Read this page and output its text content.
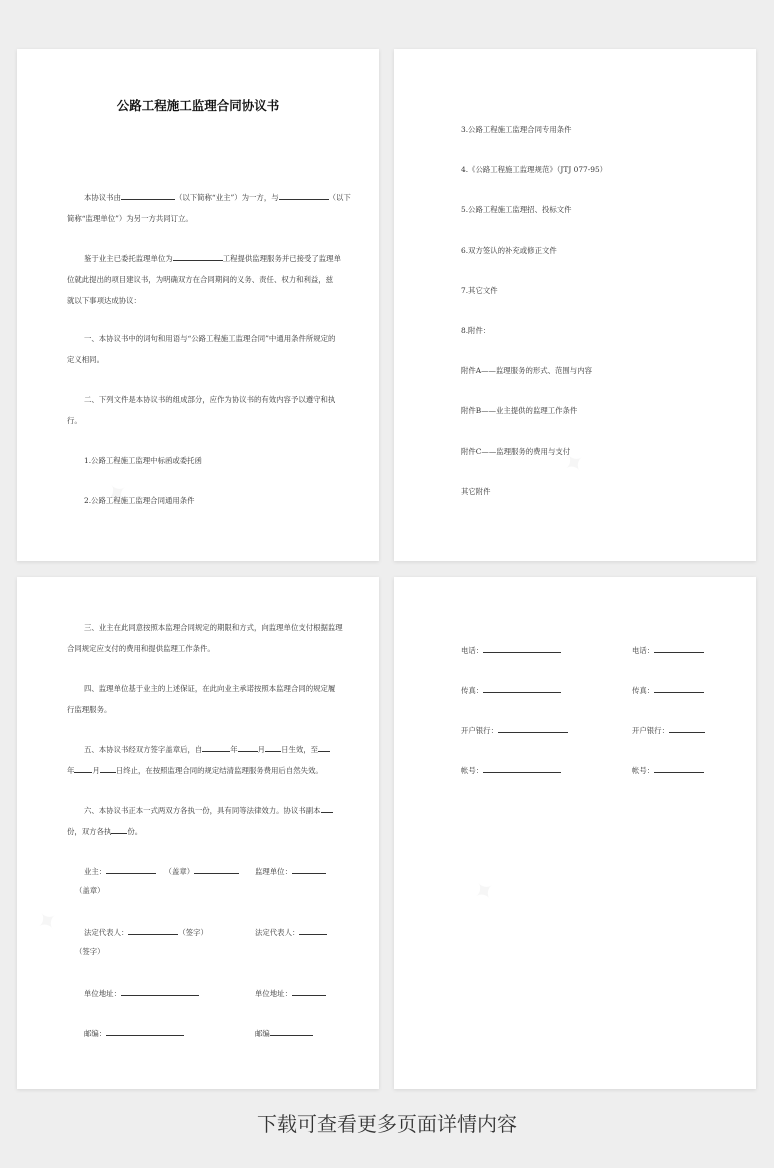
公路工程施工监理合同协议书
本协议书由	（以下简称“业主”）为一方，与	（以下
简称“监理单位”）为另一方共同订立。
鉴于业主已委托监理单位为	工程提供监理服务并已接受了监理单
位就此提出的项目建议书，为明确双方在合同期间的义务、责任、权力和利益，兹
就以下事项达成协议：
一、本协议书中的词句和用语与“公路工程施工监理合同”中通用条件所规定的
定义相同。
二、下列文件是本协议书的组成部分，应作为协议书的有效内容予以遵守和执
行。
1.公路工程施工监理中标函或委托函
2.公路工程施工监理合同通用条件
3.公路工程施工监理合同专用条件
4.《公路工程施工监理规范》（JTJ 077-95）
5.公路工程施工监理招、投标文件
6.双方签认的补充或修正文件
7.其它文件
8.附件：
附件A——监理服务的形式、范围与内容
附件B——业主提供的监理工作条件
附件C——监理服务的费用与支付
其它附件
三、业主在此同意按照本监理合同规定的期限和方式，向监理单位支付根据监理
合同规定应支付的费用和提供监理工作条件。
四、监理单位基于业主的上述保证，在此向业主承诺按照本监理合同的规定履
行监理服务。
五、本协议书经双方签字盖章后，自	年	月 日生效，至
年 月 日终止，在按照监理合同的规定结清监理服务费用后自然失效。
六、本协议书正本一式两双方各执一份，具有同等法律效力。协议书副本
份，双方各执 份。
业主：	（盖章）	监理单位：
（盖章）
法定代表人：	（签字）	法定代表人：
（签字）
单位地址：	单位地址：
邮编：	邮编
电话：	电话：
传真：	传真：
开户银行：	开户银行：
帐号：	帐号：
下载可查看更多页面详情内容
